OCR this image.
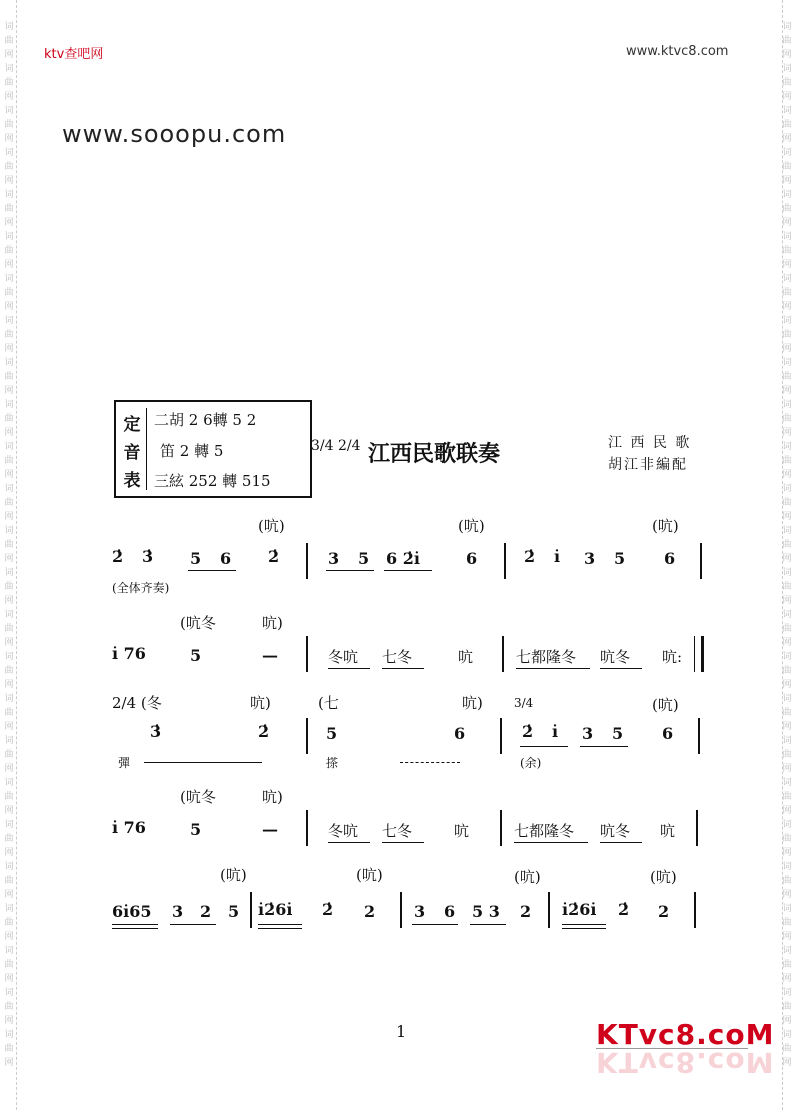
词曲网
词曲网
词曲网
词曲网
词曲网
词曲网
词曲网
词曲网
词曲网
词曲网
词曲网
词曲网
词曲网
词曲网
词曲网
词曲网
词曲网
词曲网
词曲网
词曲网
词曲网
词曲网
词曲网
词曲网
词曲网
词曲网
词曲网
词曲网
词曲网
词曲网
词曲网
词曲网
词曲网
词曲网
词曲网
词曲网
词曲网
词曲网
词曲网
词曲网
词曲网
词曲网
词曲网
词曲网
词曲网
词曲网
词曲网
词曲网
词曲网
词曲网
ktv查吧网	www.ktvc8.com
www.sooopu.com
定
音
表
二胡 2 6轉 5 2
笛 2 轉 5
三絃 252 轉 515
3/4 2/4 江西民歌联奏	江 西 民 歌
胡江非編配
(吭)	(吭)	(吭)
2̇ 3̇ 5 6 2̇	3 5 6 2̇i̇	6	2̇ i̇ 3 5 6
(全体齐奏)
(吭冬	吭)
i̇ 76	5	—	冬吭 七冬	吭	七都隆冬 吭冬 吭:
2/4 (冬	吭)	(七	吭)	3/4	(吭)
3̇	2̇	5	6	2̇ i̇ 3 5 6
彈	搽	(余)
(吭冬	吭)
i̇ 76	5	—	冬吭 七冬	吭	七都隆冬 吭冬 吭
(吭)	(吭)	(吭)	(吭)
6i̇65 3 2 5 i̇2̇6i̇ 2̇ 2 3 6 5 3 2 i̇2̇6i̇ 2̇ 2
1	KTvc8.coM
KTvc8.coM
